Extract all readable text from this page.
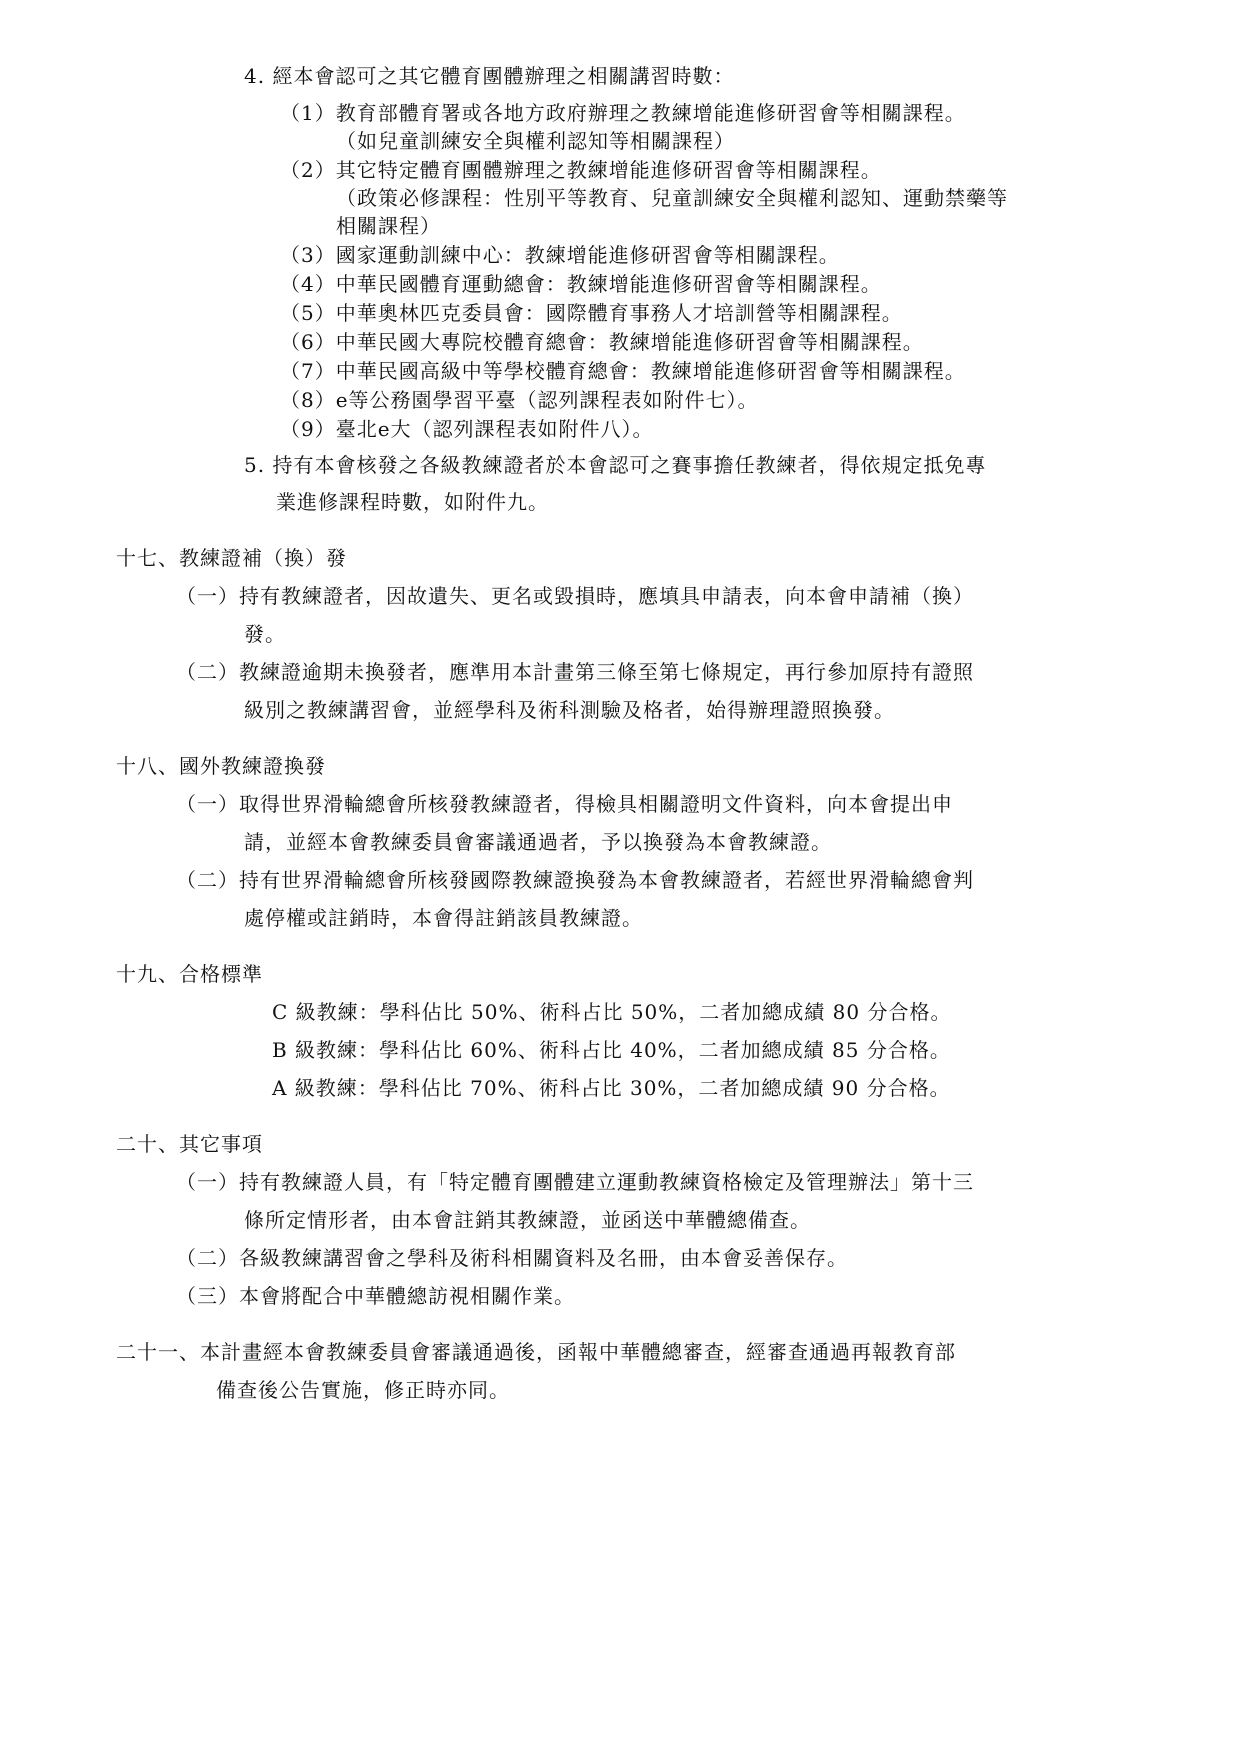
4. 經本會認可之其它體育團體辦理之相關講習時數：
（1）教育部體育署或各地方政府辦理之教練增能進修研習會等相關課程。
（如兒童訓練安全與權利認知等相關課程）
（2）其它特定體育團體辦理之教練增能進修研習會等相關課程。
（政策必修課程：性別平等教育、兒童訓練安全與權利認知、運動禁藥等
相關課程）
（3）國家運動訓練中心：教練增能進修研習會等相關課程。
（4）中華民國體育運動總會：教練增能進修研習會等相關課程。
（5）中華奧林匹克委員會：國際體育事務人才培訓營等相關課程。
（6）中華民國大專院校體育總會：教練增能進修研習會等相關課程。
（7）中華民國高級中等學校體育總會：教練增能進修研習會等相關課程。
（8）e等公務園學習平臺（認列課程表如附件七）。
（9）臺北e大（認列課程表如附件八）。
5. 持有本會核發之各級教練證者於本會認可之賽事擔任教練者，得依規定抵免專
業進修課程時數，如附件九。
十七、教練證補（換）發
（一）持有教練證者，因故遺失、更名或毀損時，應填具申請表，向本會申請補（換）
發。
（二）教練證逾期未換發者，應準用本計畫第三條至第七條規定，再行參加原持有證照
級別之教練講習會，並經學科及術科測驗及格者，始得辦理證照換發。
十八、國外教練證換發
（一）取得世界滑輪總會所核發教練證者，得檢具相關證明文件資料，向本會提出申
請，並經本會教練委員會審議通過者，予以換發為本會教練證。
（二）持有世界滑輪總會所核發國際教練證換發為本會教練證者，若經世界滑輪總會判
處停權或註銷時，本會得註銷該員教練證。
十九、合格標準
C 級教練：學科佔比 50%、術科占比 50%，二者加總成績 80 分合格。
B 級教練：學科佔比 60%、術科占比 40%，二者加總成績 85 分合格。
A 級教練：學科佔比 70%、術科占比 30%，二者加總成績 90 分合格。
二十、其它事項
（一）持有教練證人員，有「特定體育團體建立運動教練資格檢定及管理辦法」第十三
條所定情形者，由本會註銷其教練證，並函送中華體總備查。
（二）各級教練講習會之學科及術科相關資料及名冊，由本會妥善保存。
（三）本會將配合中華體總訪視相關作業。
二十一、本計畫經本會教練委員會審議通過後，函報中華體總審查，經審查通過再報教育部
備查後公告實施，修正時亦同。
